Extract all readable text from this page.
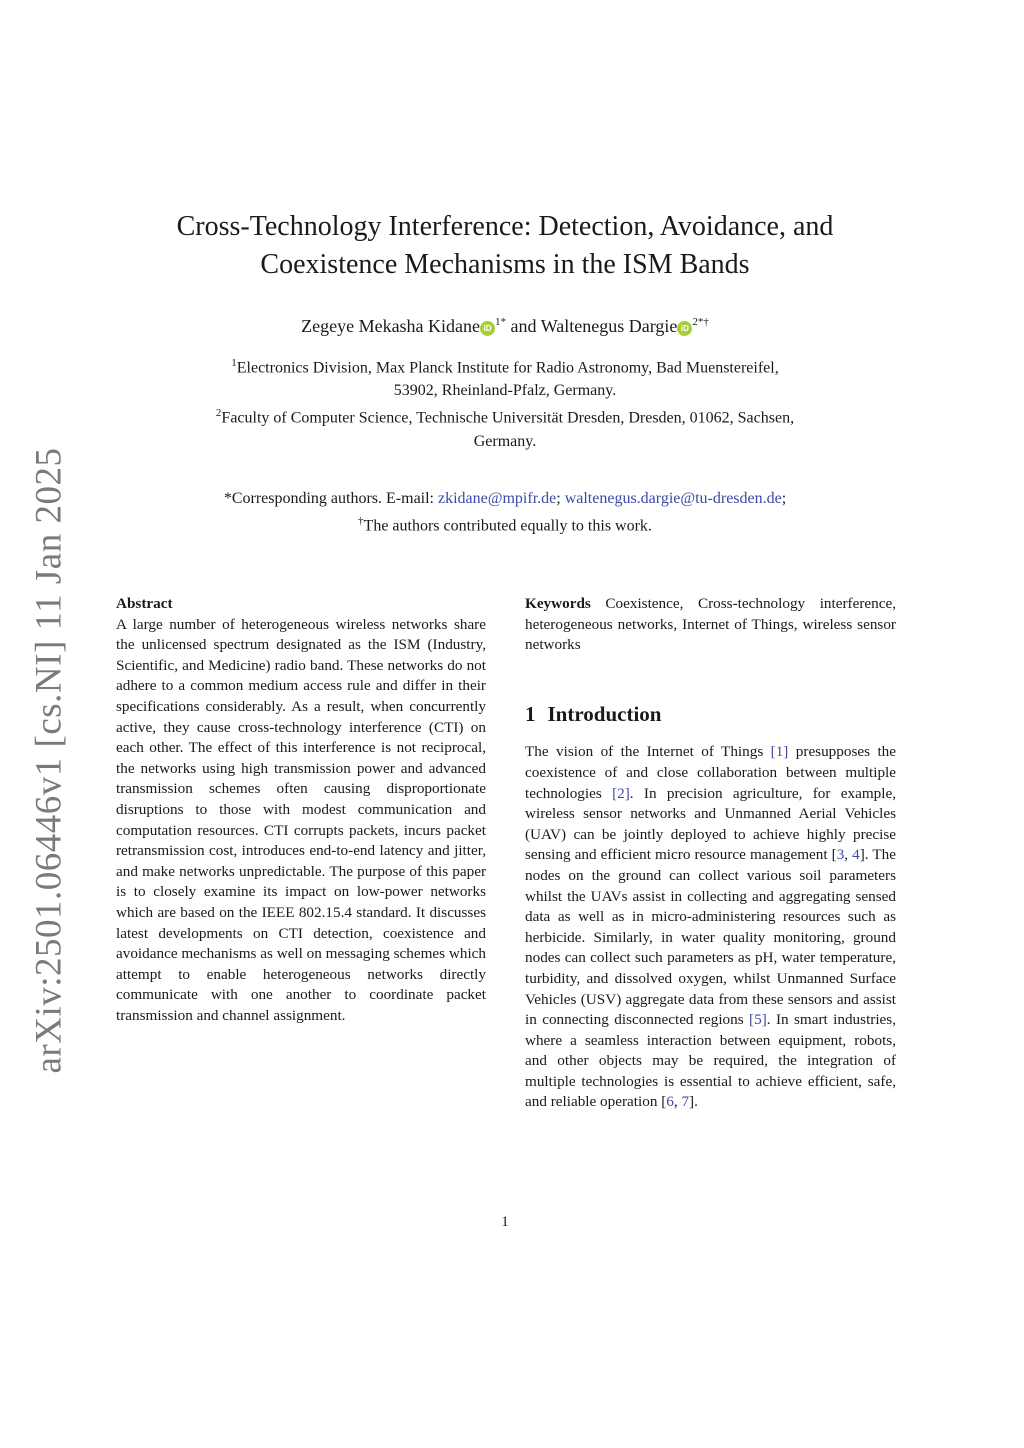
arXiv:2501.06446v1 [cs.NI] 11 Jan 2025
Cross-Technology Interference: Detection, Avoidance, and
Coexistence Mechanisms in the ISM Bands
Zegeye Mekasha Kidane $iD^{1*}$ and Waltenegus Dargie $iD^{2*\dagger}$
$^1$Electronics Division, Max Planck Institute for Radio Astronomy, Bad Muenstereifel,
53902, Rheinland-Pfalz, Germany.
$^2$Faculty of Computer Science, Technische Universität Dresden, Dresden, 01062, Sachsen,
Germany.
*Corresponding authors. E-mail: zkidane@mpifr.de; waltenegus.dargie@tu-dresden.de;
†The authors contributed equally to this work.
Abstract
A large number of heterogeneous wireless networks share the unlicensed spectrum designated as the ISM (Industry, Scientific, and Medicine) radio band. These networks do not adhere to a common medium access rule and differ in their specifications considerably. As a result, when concurrently active, they cause cross-technology interference (CTI) on each other. The effect of this interference is not reciprocal, the networks using high transmission power and advanced transmission schemes often causing disproportionate disruptions to those with modest communication and computation resources. CTI corrupts packets, incurs packet retransmission cost, introduces end-to-end latency and jitter, and make networks unpredictable. The purpose of this paper is to closely examine its impact on low-power networks which are based on the IEEE 802.15.4 standard. It discusses latest developments on CTI detection, coexistence and avoidance mechanisms as well on messaging schemes which attempt to enable heterogeneous networks directly communicate with one another to coordinate packet transmission and channel assignment.
Keywords Coexistence, Cross-technology interference, heterogeneous networks, Internet of Things, wireless sensor networks
1 Introduction
The vision of the Internet of Things [1] presupposes the coexistence of and close collaboration between multiple technologies [2]. In precision agriculture, for example, wireless sensor networks and Unmanned Aerial Vehicles (UAV) can be jointly deployed to achieve highly precise sensing and efficient micro resource management [3, 4]. The nodes on the ground can collect various soil parameters whilst the UAVs assist in collecting and aggregating sensed data as well as in micro-administering resources such as herbicide. Similarly, in water quality monitoring, ground nodes can collect such parameters as pH, water temperature, turbidity, and dissolved oxygen, whilst Unmanned Surface Vehicles (USV) aggregate data from these sensors and assist in connecting disconnected regions [5]. In smart industries, where a seamless interaction between equipment, robots, and other objects may be required, the integration of multiple technologies is essential to achieve efficient, safe, and reliable operation [6, 7].
1
